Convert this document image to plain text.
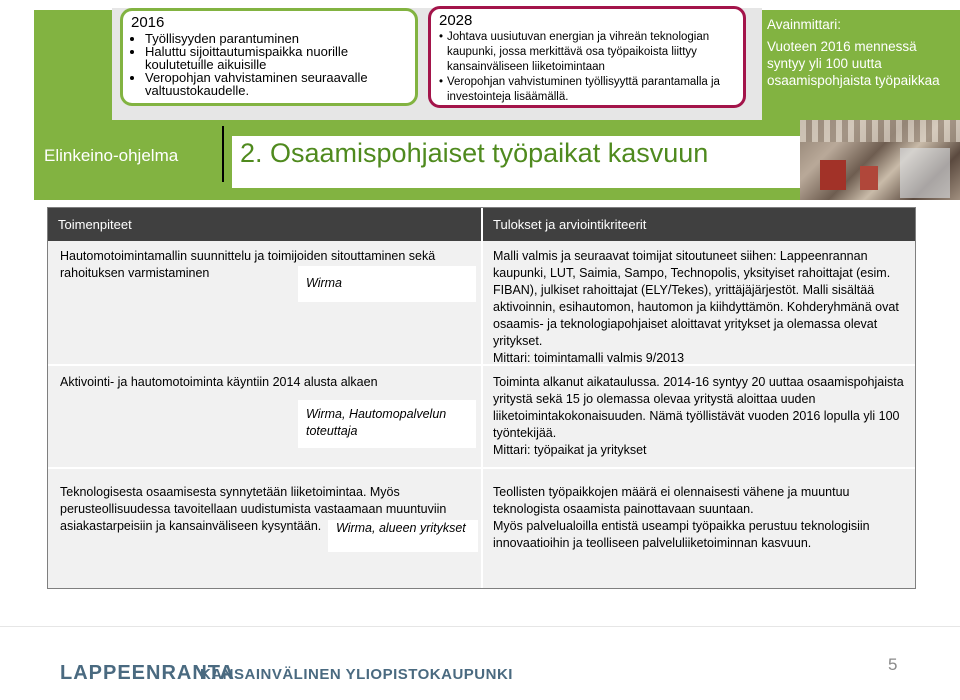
2016
• Työllisyyden parantuminen
• Haluttu sijoittautumispaikka nuorille koulutetuille aikuisille
• Veropohjan vahvistaminen seuraavalle valtuustokaudelle.
2028
• Johtava uusiutuvan energian ja vihreän teknologian
kaupunki, jossa merkittävä osa työpaikoista liittyy
kansainväliseen liiketoimintaan
• Veropohjan vahvistuminen työllisyyttä parantamalla ja
investointeja lisäämällä.
Avainmittari:
Vuoteen 2016 mennessä syntyy yli 100 uutta osaamispohjaista työpaikkaa
Elinkeino-ohjelma 2. Osaamispohjaiset työpaikat kasvuun
Toimenpiteet	Tulokset ja arviointikriteerit
Hautomotoimintamallin suunnittelu ja toimijoiden sitouttaminen sekä rahoituksen varmistaminen
Wirma
Malli valmis ja seuraavat toimijat sitoutuneet siihen: Lappeenrannan kaupunki, LUT, Saimia, Sampo, Technopolis, yksityiset rahoittajat (esim. FIBAN), julkiset rahoittajat (ELY/Tekes), yrittäjäjärjestöt. Malli sisältää aktivoinnin, esihautomon, hautomon ja kiihdyttämön. Kohderyhmänä ovat osaamis- ja teknologiapohjaiset aloittavat yritykset ja olemassa olevat yritykset.
Mittari: toimintamalli valmis 9/2013
Aktivointi- ja hautomotoiminta käyntiin 2014 alusta alkaen
Wirma, Hautomopalvelun toteuttaja
Toiminta alkanut aikataulussa. 2014-16 syntyy 20 uuttaa osaamispohjaista yritystä sekä 15 jo olemassa olevaa yritystä aloittaa uuden liiketoimintakokonaisuuden. Nämä työllistävät vuoden 2016 lopulla yli 100 työntekijää.
Mittari: työpaikat ja yritykset
Teknologisesta osaamisesta synnytetään liiketoimintaa. Myös perusteollisuudessa tavoitellaan uudistumista vastaamaan muuntuviin asiakastarpeisiin ja kansainväliseen kysyntään.	Wirma, alueen yritykset
Teollisten työpaikkojen määrä ei olennaisesti vähene ja muuntuu teknologista osaamista painottavaan suuntaan.
Myös palvelualoilla entistä useampi työpaikka perustuu teknologisiin innovaatioihin ja teolliseen palveluliiketoiminnan kasvuun.
LAPPEENRANTA
KANSAINVÄLINEN YLIOPISTOKAUPUNKI
5
